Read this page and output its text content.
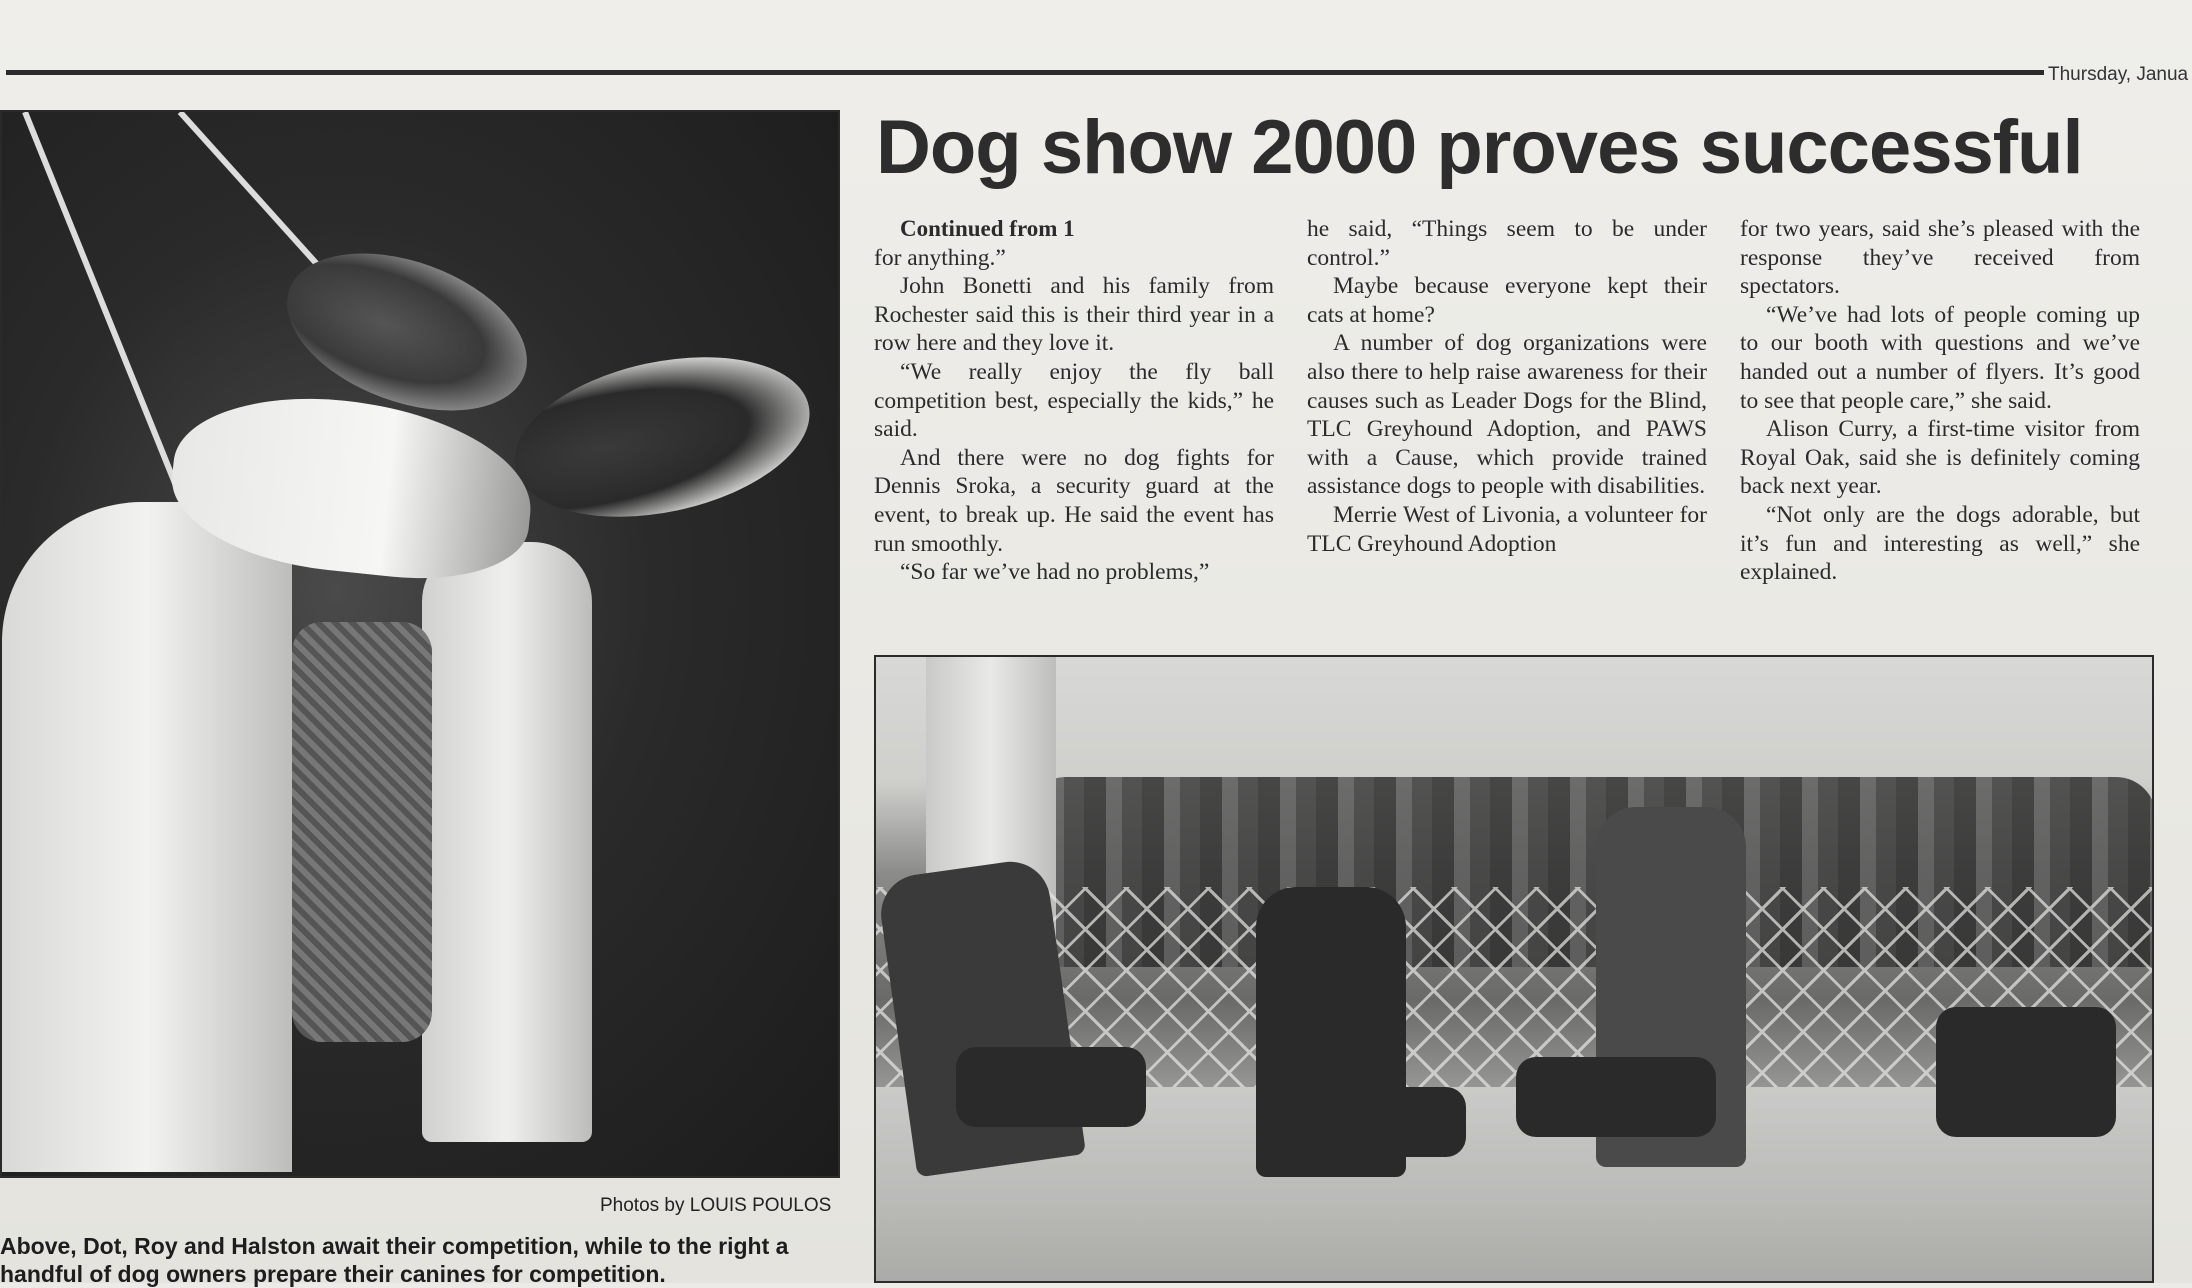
Thursday, Janua
Photos by LOUIS POULOS
Above, Dot, Roy and Halston await their competition, while to the right a handful of dog owners prepare their canines for competition.
Dog show 2000 proves successful

Continued from 1

for anything.”

John Bonetti and his family from Rochester said this is their third year in a row here and they love it.

“We really enjoy the fly ball competition best, especially the kids,” he said.

And there were no dog fights for Dennis Sroka, a security guard at the event, to break up. He said the event has run smoothly.

“So far we’ve had no problems,”

he said, “Things seem to be under control.”

Maybe because everyone kept their cats at home?

A number of dog organizations were also there to help raise awareness for their causes such as Leader Dogs for the Blind, TLC Greyhound Adoption, and PAWS with a Cause, which provide trained assistance dogs to people with disabilities.

Merrie West of Livonia, a volunteer for TLC Greyhound Adoption

for two years, said she’s pleased with the response they’ve received from spectators.

“We’ve had lots of people coming up to our booth with questions and we’ve handed out a number of flyers. It’s good to see that people care,” she said.

Alison Curry, a first-time visitor from Royal Oak, said she is definitely coming back next year.

“Not only are the dogs adorable, but it’s fun and interesting as well,” she explained.
